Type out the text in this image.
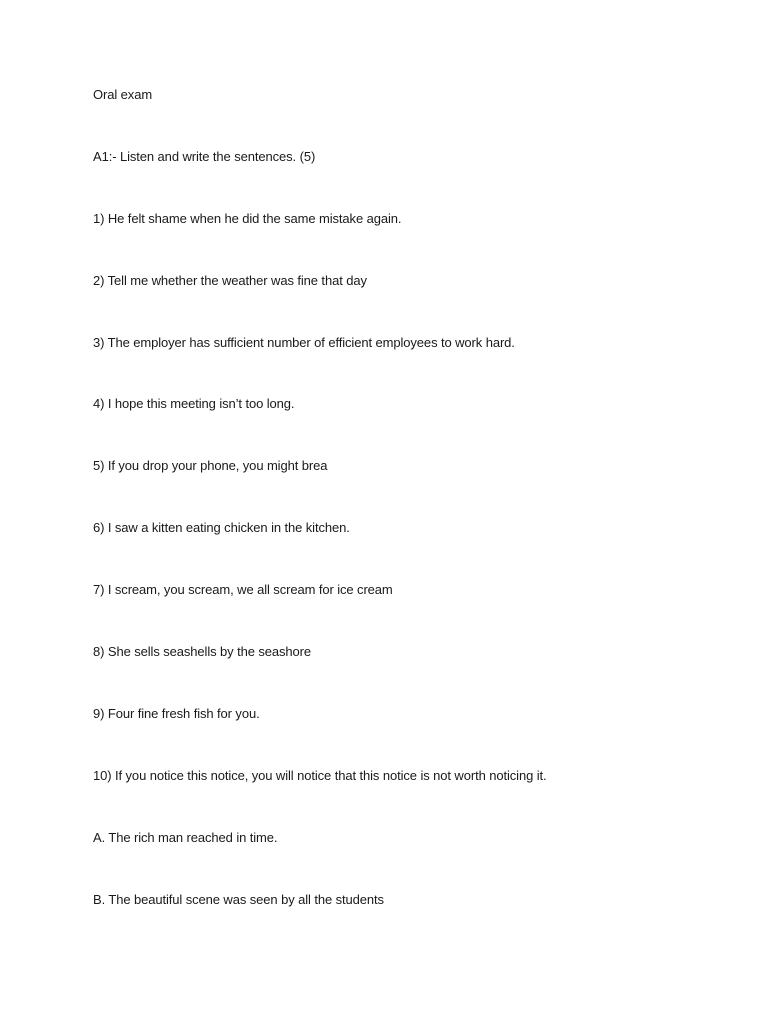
Oral exam
A1:- Listen and write the sentences. (5)
1) He felt shame when he did the same mistake again.
2) Tell me whether the weather was fine that day
3) The employer has sufficient number of efficient employees to work hard.
4) I hope this meeting isn’t too long.
5) If you drop your phone, you might brea
6) I saw a kitten eating chicken in the kitchen.
7) I scream, you scream, we all scream for ice cream
8) She sells seashells by the seashore
9) Four fine fresh fish for you.
10) If you notice this notice, you will notice that this notice is not worth noticing it.
A. The rich man reached in time.
B. The beautiful scene was seen by all the students
